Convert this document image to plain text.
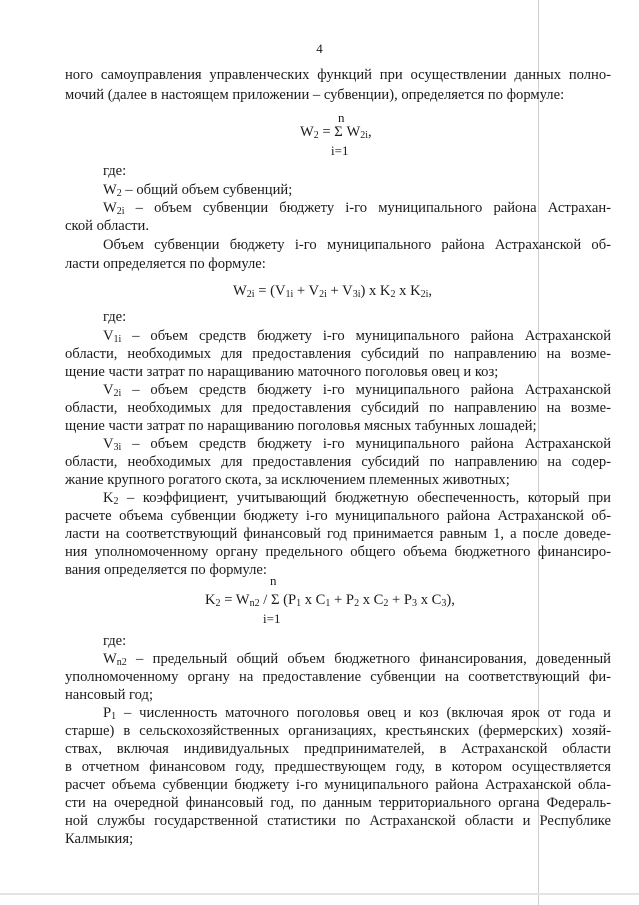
4
ного самоуправления управленческих функций при осуществлении данных полно-
мочий (далее в настоящем приложении – субвенции), определяется по формуле:
n
$W_2 = \Sigma$ $W_{2i}$,
i=1
где:
$W_2$ – общий объем субвенций;
$W_{2i}$ – объем субвенции бюджету i-го муниципального района Астрахан-
ской области.
Объем субвенции бюджету i-го муниципального района Астраханской об-
ласти определяется по формуле:
$W_{2i} = (V_{1i} + V_{2i} + V_{3i})$ x $K_2$ x $K_{2i}$,
где:
$V_{1i}$ – объем средств бюджету i-го муниципального района Астраханской
области, необходимых для предоставления субсидий по направлению на возме-
щение части затрат по наращиванию маточного поголовья овец и коз;
$V_{2i}$ – объем средств бюджету i-го муниципального района Астраханской
области, необходимых для предоставления субсидий по направлению на возме-
щение части затрат по наращиванию поголовья мясных табунных лошадей;
$V_{3i}$ – объем средств бюджету i-го муниципального района Астраханской
области, необходимых для предоставления субсидий по направлению на содер-
жание крупного рогатого скота, за исключением племенных животных;
$K_2$ – коэффициент, учитывающий бюджетную обеспеченность, который при
расчете объема субвенции бюджету i-го муниципального района Астраханской об-
ласти на соответствующий финансовый год принимается равным 1, а после доведе-
ния уполномоченному органу предельного общего объема бюджетного финансиро-
вания определяется по формуле:
n
$K_2 = W_{n2} / \Sigma$ ($P_1$ x $C_1 + P_2$ x $C_2 + P_3$ x $C_3$),
i=1
где:
$W_{n2}$ – предельный общий объем бюджетного финансирования, доведенный
уполномоченному органу на предоставление субвенции на соответствующий фи-
нансовый год;
$P_1$ – численность маточного поголовья овец и коз (включая ярок от года и
старше) в сельскохозяйственных организациях, крестьянских (фермерских) хозяй-
ствах, включая индивидуальных предпринимателей, в Астраханской области
в отчетном финансовом году, предшествующем году, в котором осуществляется
расчет объема субвенции бюджету i-го муниципального района Астраханской обла-
сти на очередной финансовый год, по данным территориального органа Федераль-
ной службы государственной статистики по Астраханской области и Республике
Калмыкия;
